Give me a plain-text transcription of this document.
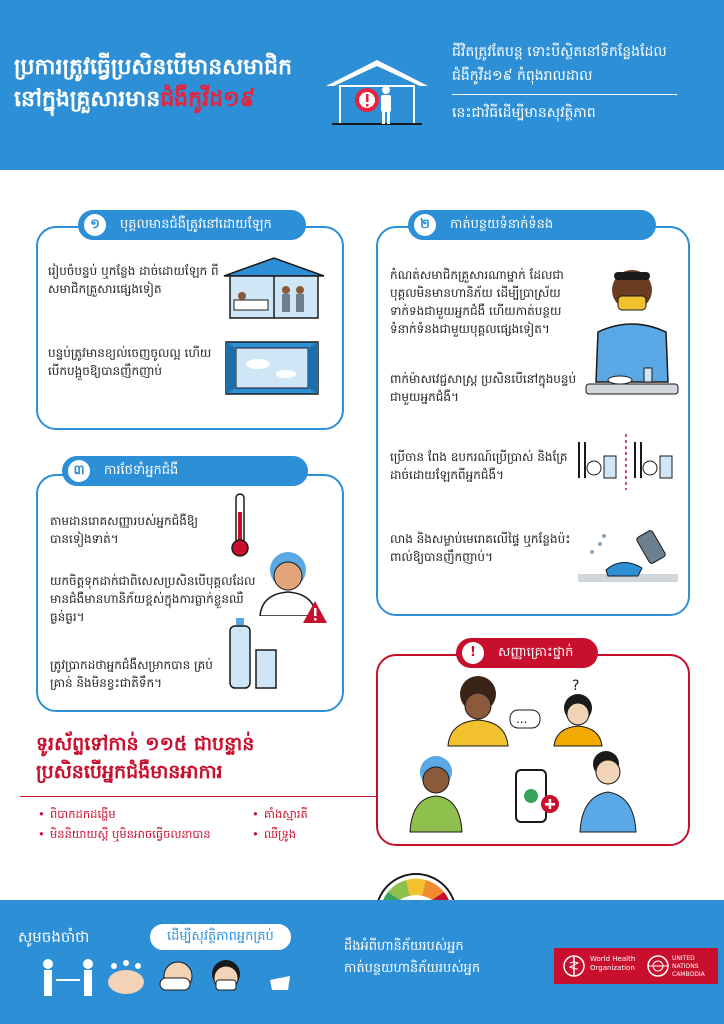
ប្រការត្រូវធ្វើប្រសិនបើមានសមាជិក
នៅក្នុងគ្រួសារមានជំងឺកូវីដ១៩
ជីវិតត្រូវតែបន្ត ទោះបីស្ថិតនៅទីកន្លែងដែល
ជំងឺកូវីដ១៩ កំពុងរាលដាល
នេះជាវិធីដើម្បីមានសុវត្ថិភាព
១	បុគ្គលមានជំងឺត្រូវនៅដោយឡែក
រៀបចំបន្ទប់ ឬកន្លែង ដាច់ដោយឡែក ពីសមាជិកគ្រួសារផ្សេងទៀត
បន្ទប់ត្រូវមានខ្យល់ចេញចូលល្អ ហើយបើកបង្អួចឱ្យបានញឹកញាប់
២	កាត់បន្ថយទំនាក់ទំនង
កំណត់សមាជិកគ្រួសារណាម្នាក់ ដែលជាបុគ្គលមិនមានហានិភ័យ ដើម្បីប្រាស្រ័យទាក់ទងជាមួយអ្នកជំងឺ ហើយកាត់បន្ថយទំនាក់ទំនងជាមួយបុគ្គលផ្សេងទៀត។
ពាក់ម៉ាសវេជ្ជសាស្ត្រ ប្រសិនបើនៅក្នុងបន្ទប់ជាមួយអ្នកជំងឺ។
ប្រើចាន ពែង ឧបករណ៍ប្រើប្រាស់ និងគ្រែដាច់ដោយឡែកពីអ្នកជំងឺ។
លាង និងសម្លាប់មេរោគលើផ្ទៃ ឬកន្លែងប៉ះពាល់ឱ្យបានញឹកញាប់។
៣	ការថែទាំអ្នកជំងឺ
តាមដានរោគសញ្ញារបស់អ្នកជំងឺឱ្យបានទៀងទាត់។
យកចិត្តទុកដាក់ជាពិសេសប្រសិនបើបុគ្គលដែលមានជំងឺមានហានិភ័យខ្ពស់ក្នុងការធ្លាក់ខ្លួនឈឺធ្ងន់ធ្ងរ។
ត្រូវប្រាកដថាអ្នកជំងឺសម្រាកបាន គ្រប់គ្រាន់ និងមិនខ្វះជាតិទឹក។
!	សញ្ញាគ្រោះថ្នាក់
...
?
ទូរស័ព្ទទៅកាន់ ១១៥ ជាបន្ទាន់
ប្រសិនបើអ្នកជំងឺមានអាការ
• ពិបាកដកដង្ហើម
• មិននិយាយស្ដី ឬមិនអាចធ្វើចលនាបាន
• គាំងស្មារតី
• ឈឺទ្រូង
សូមចងចាំថា	ដើម្បីសុវត្ថិភាពអ្នកគ្រប់
ដឹងអំពីហានិភ័យរបស់អ្នក
កាត់បន្ថយហានិភ័យរបស់អ្នក
World Health
Organization
UNITED NATIONS
CAMBODIA
